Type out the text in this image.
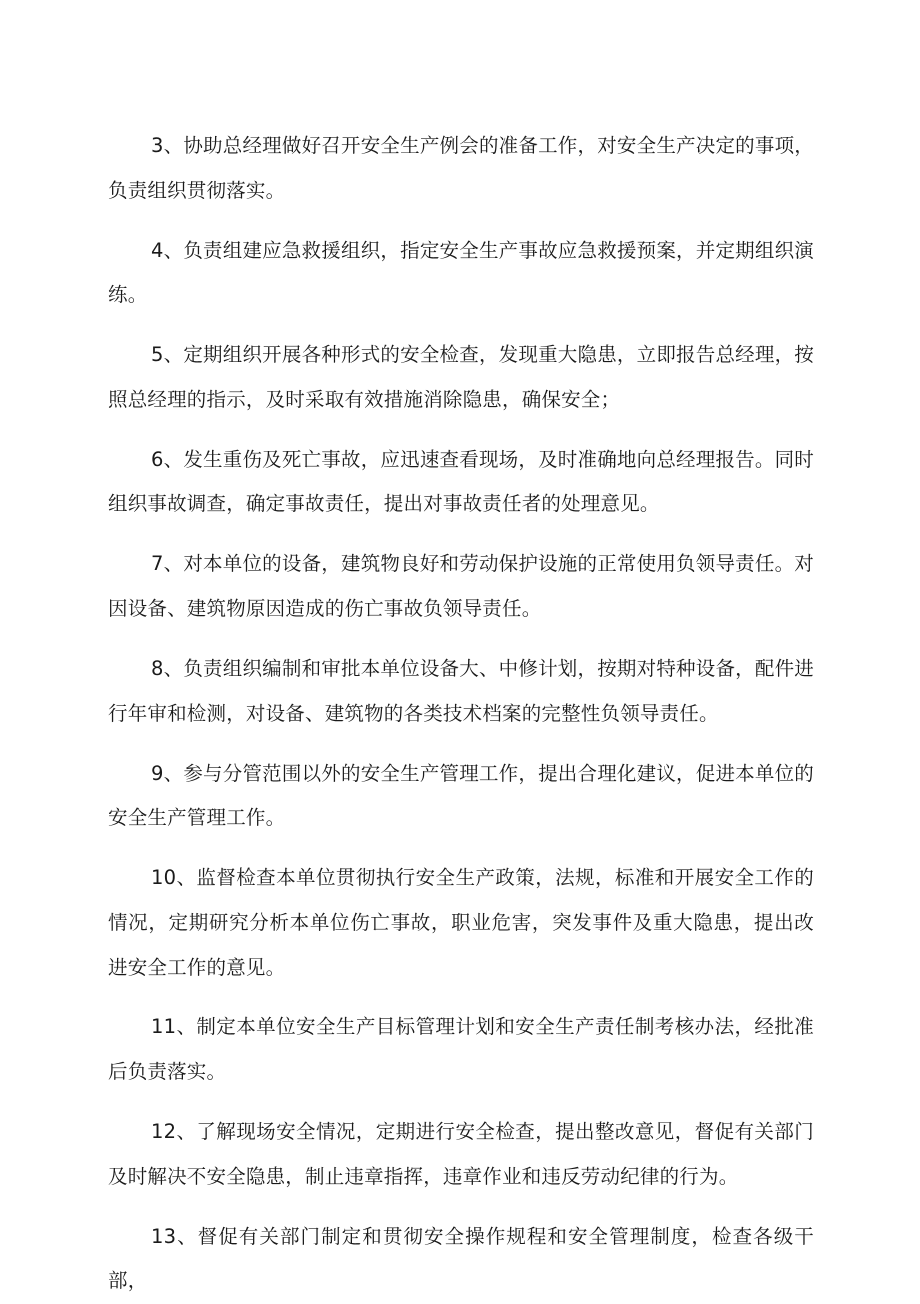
3、协助总经理做好召开安全生产例会的准备工作，对安全生产决定的事项，负责组织贯彻落实。

4、负责组建应急救援组织，指定安全生产事故应急救援预案，并定期组织演练。

5、定期组织开展各种形式的安全检查，发现重大隐患，立即报告总经理，按照总经理的指示，及时采取有效措施消除隐患，确保安全；

6、发生重伤及死亡事故，应迅速查看现场，及时准确地向总经理报告。同时组织事故调查，确定事故责任，提出对事故责任者的处理意见。

7、对本单位的设备，建筑物良好和劳动保护设施的正常使用负领导责任。对因设备、建筑物原因造成的伤亡事故负领导责任。

8、负责组织编制和审批本单位设备大、中修计划，按期对特种设备，配件进行年审和检测，对设备、建筑物的各类技术档案的完整性负领导责任。

9、参与分管范围以外的安全生产管理工作，提出合理化建议，促进本单位的安全生产管理工作。

10、监督检查本单位贯彻执行安全生产政策，法规，标准和开展安全工作的情况，定期研究分析本单位伤亡事故，职业危害，突发事件及重大隐患，提出改进安全工作的意见。

11、制定本单位安全生产目标管理计划和安全生产责任制考核办法，经批准后负责落实。

12、了解现场安全情况，定期进行安全检查，提出整改意见，督促有关部门及时解决不安全隐患，制止违章指挥，违章作业和违反劳动纪律的行为。

13、督促有关部门制定和贯彻安全操作规程和安全管理制度，检查各级干部，
